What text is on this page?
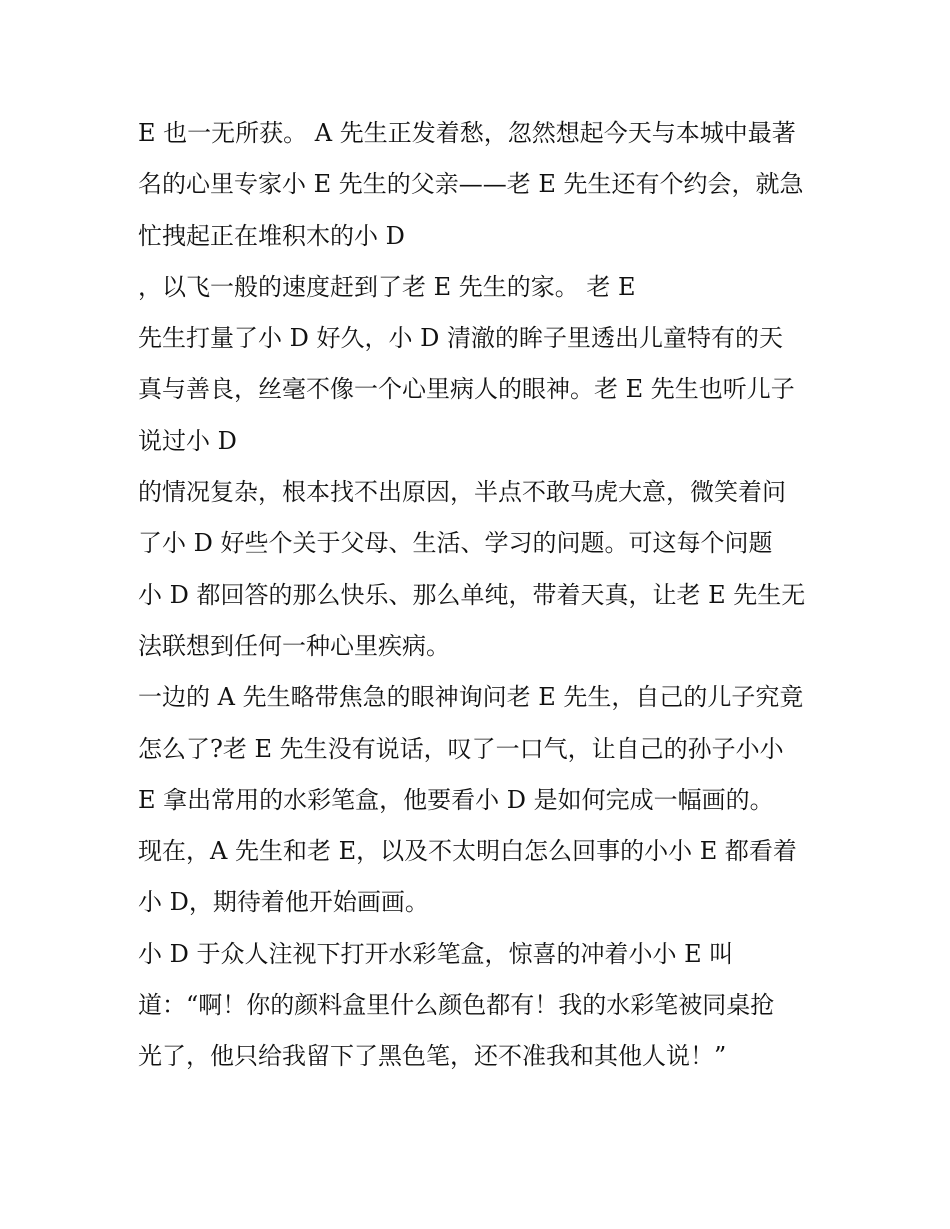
E 也一无所获。 A 先生正发着愁，忽然想起今天与本城中最著
名的心里专家小 E 先生的父亲——老 E 先生还有个约会，就急
忙拽起正在堆积木的小 D
，以飞一般的速度赶到了老 E 先生的家。 老 E
先生打量了小 D 好久，小 D 清澈的眸子里透出儿童特有的天
真与善良，丝毫不像一个心里病人的眼神。老 E 先生也听儿子
说过小 D
的情况复杂，根本找不出原因，半点不敢马虎大意，微笑着问
了小 D 好些个关于父母、生活、学习的问题。可这每个问题
小 D 都回答的那么快乐、那么单纯，带着天真，让老 E 先生无
法联想到任何一种心里疾病。
一边的 A 先生略带焦急的眼神询问老 E 先生，自己的儿子究竟
怎么了?老 E 先生没有说话，叹了一口气，让自己的孙子小小
E 拿出常用的水彩笔盒，他要看小 D 是如何完成一幅画的。
现在，A 先生和老 E，以及不太明白怎么回事的小小 E 都看着
小 D，期待着他开始画画。
小 D 于众人注视下打开水彩笔盒，惊喜的冲着小小 E 叫
道：“啊！你的颜料盒里什么颜色都有！我的水彩笔被同桌抢
光了，他只给我留下了黑色笔，还不准我和其他人说！”
